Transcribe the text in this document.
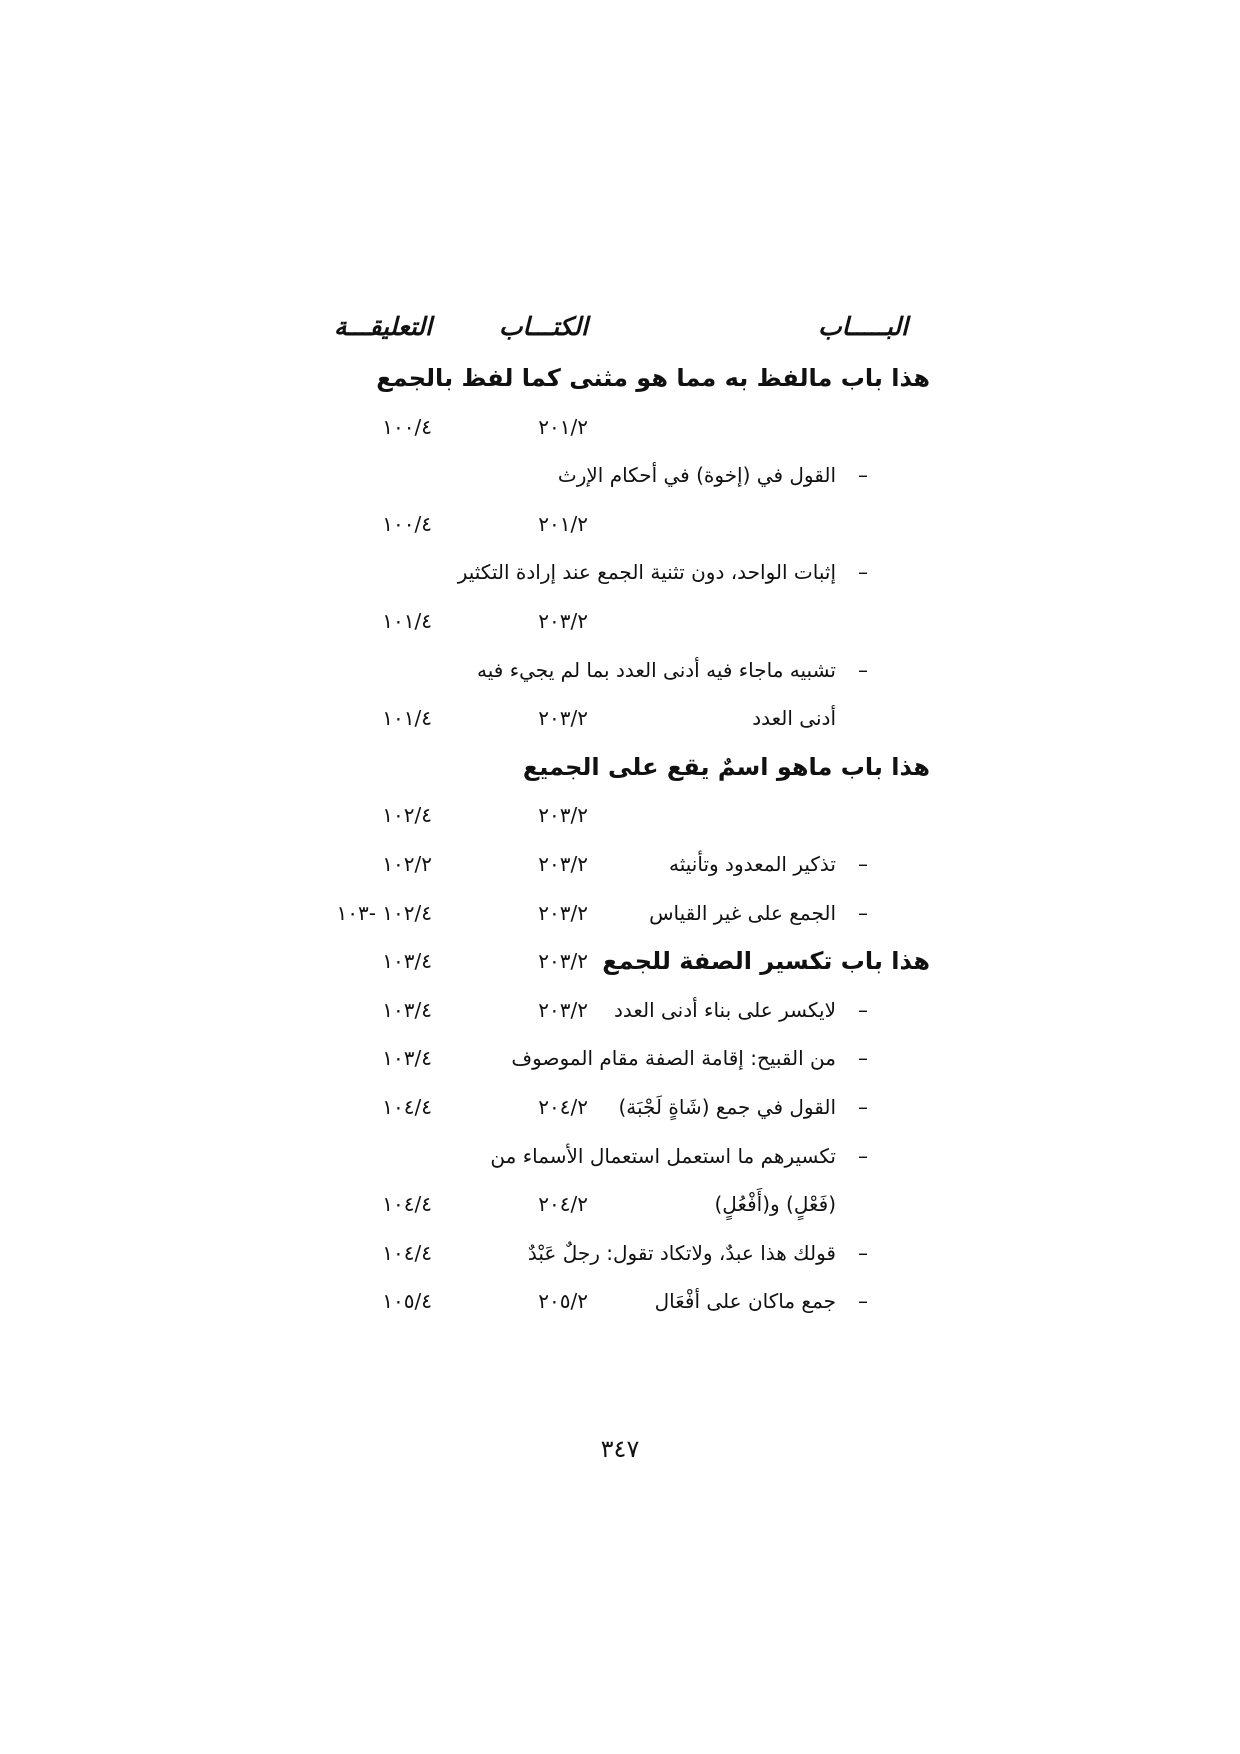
البـــــاب
الكتـــاب
التعليقـــة
هذا باب مالفظ به مما هو مثنى كما لفظ بالجمع
٢٠١/٢
١٠٠/٤
–
القول في (إخوة) في أحكام الإرث
٢٠١/٢
١٠٠/٤
–
إثبات الواحد، دون تثنية الجمع عند إرادة التكثير
٢٠٣/٢
١٠١/٤
–
تشبيه ماجاء فيه أدنى العدد بما لم يجيء فيه
أدنى العدد
٢٠٣/٢
١٠١/٤
هذا باب ماهو اسمٌ يقع على الجميع
٢٠٣/٢
١٠٢/٤
–
تذكير المعدود وتأنيثه
٢٠٣/٢
١٠٢/٢
–
الجمع على غير القياس
٢٠٣/٢
١٠٢/٤ -١٠٣
هذا باب تكسير الصفة للجمع
٢٠٣/٢
١٠٣/٤
–
لايكسر على بناء أدنى العدد
٢٠٣/٢
١٠٣/٤
–
من القبيح: إقامة الصفة مقام الموصوف
١٠٣/٤
–
القول في جمع (شَاةٍ لَجْبَة)
٢٠٤/٢
١٠٤/٤
–
تكسيرهم ما استعمل استعمال الأسماء من
(فَعْلٍ) و(أَفْعُلٍ)
٢٠٤/٢
١٠٤/٤
–
قولك هذا عبدٌ، ولاتكاد تقول: رجلٌ عَبْدٌ
١٠٤/٤
–
جمع ماكان على أفْعَال
٢٠٥/٢
١٠٥/٤
٣٤٧
